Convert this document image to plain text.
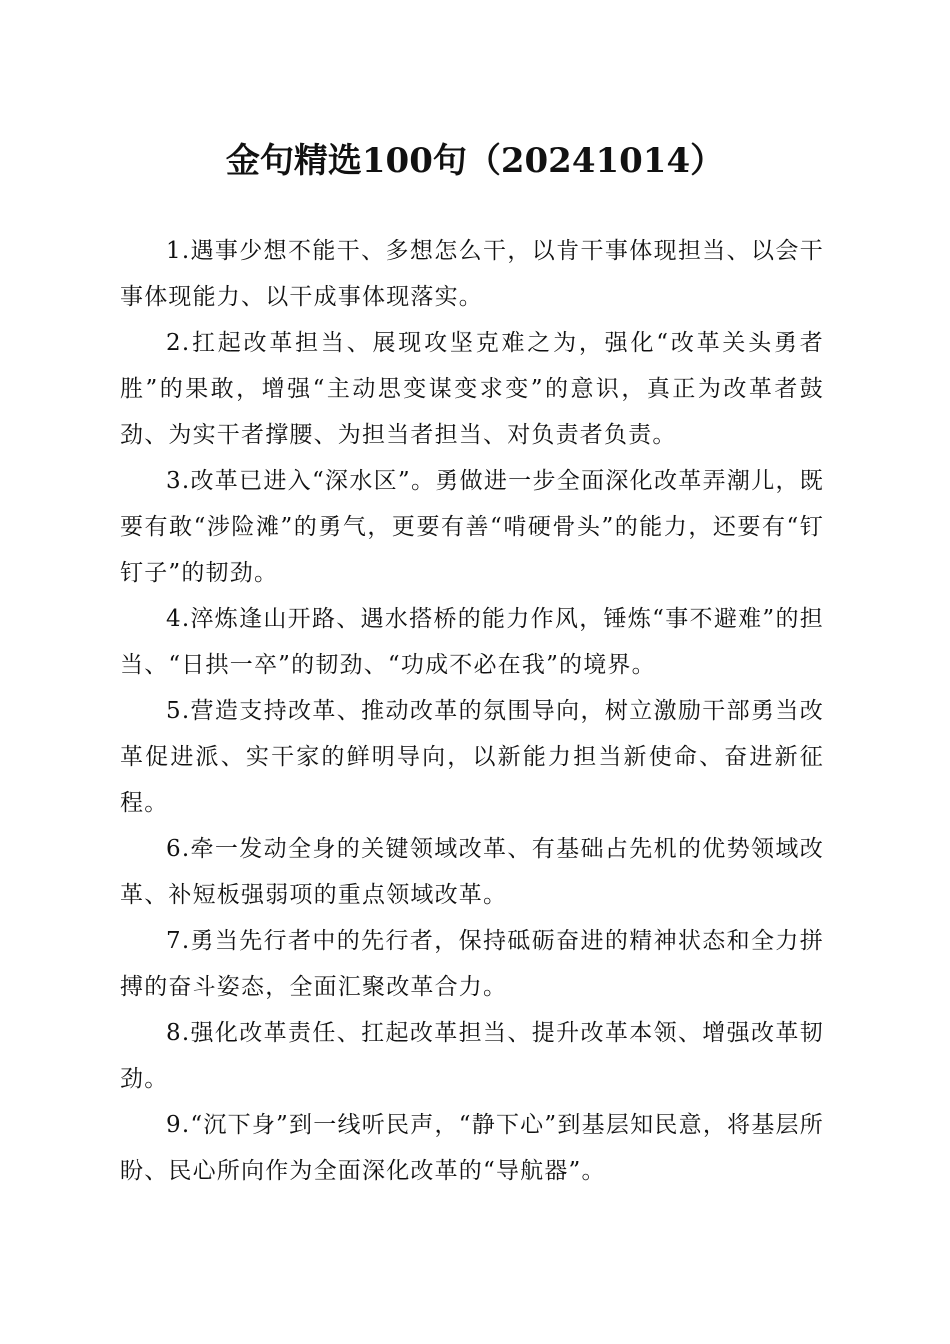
金句精选100句（20241014）

1.遇事少想不能干、多想怎么干，以肯干事体现担当、以会干事体现能力、以干成事体现落实。

2.扛起改革担当、展现攻坚克难之为，强化“改革关头勇者胜”的果敢，增强“主动思变谋变求变”的意识，真正为改革者鼓劲、为实干者撑腰、为担当者担当、对负责者负责。

3.改革已进入“深水区”。勇做进一步全面深化改革弄潮儿，既要有敢“涉险滩”的勇气，更要有善“啃硬骨头”的能力，还要有“钉钉子”的韧劲。

4.淬炼逢山开路、遇水搭桥的能力作风，锤炼“事不避难”的担当、“日拱一卒”的韧劲、“功成不必在我”的境界。

5.营造支持改革、推动改革的氛围导向，树立激励干部勇当改革促进派、实干家的鲜明导向，以新能力担当新使命、奋进新征程。

6.牵一发动全身的关键领域改革、有基础占先机的优势领域改革、补短板强弱项的重点领域改革。

7.勇当先行者中的先行者，保持砥砺奋进的精神状态和全力拼搏的奋斗姿态，全面汇聚改革合力。

8.强化改革责任、扛起改革担当、提升改革本领、增强改革韧劲。

9.“沉下身”到一线听民声，“静下心”到基层知民意，将基层所盼、民心所向作为全面深化改革的“导航器”。
